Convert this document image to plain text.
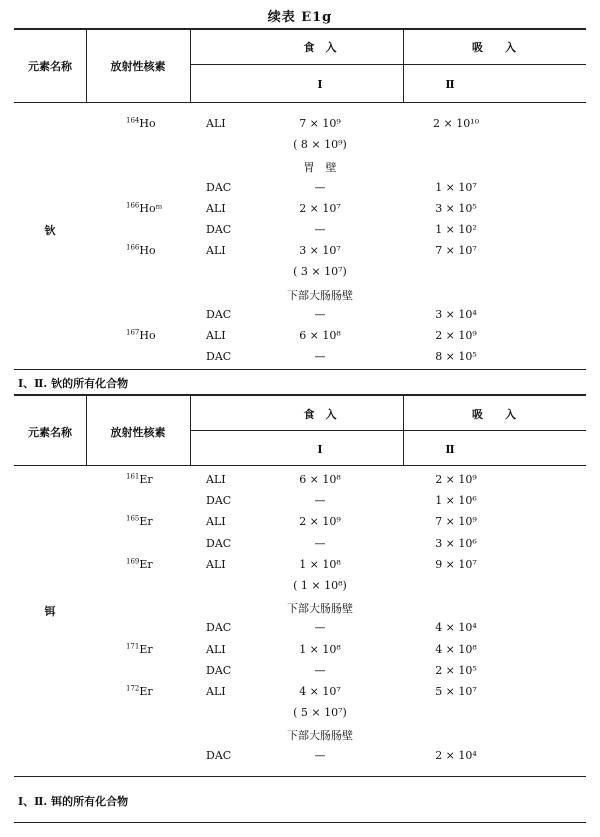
续表 E1g
元素名称	放射性核素
食　入	吸　　入
I	Ⅱ
钬
$^{164}$Ho	ALI	7 × 10⁹	2 × 10¹⁰
( 8 × 10⁹)
胃　壁
DAC	—	1 × 10⁷
$^{166}$Hoᵐ	ALI	2 × 10⁷	3 × 10⁵
DAC	—	1 × 10²
$^{166}$Ho	ALI	3 × 10⁷	7 × 10⁷
( 3 × 10⁷)
下部大肠肠壁
DAC	—	3 × 10⁴
$^{167}$Ho	ALI	6 × 10⁸	2 × 10⁹
DAC	—	8 × 10⁵
I、Ⅱ. 钬的所有化合物
元素名称	放射性核素
食　入	吸　　入
I	Ⅱ
铒
$^{161}$Er	ALI	6 × 10⁸	2 × 10⁹
DAC	—	1 × 10⁶
$^{165}$Er	ALI	2 × 10⁹	7 × 10⁹
DAC	—	3 × 10⁶
$^{169}$Er	ALI	1 × 10⁸	9 × 10⁷
( 1 × 10⁸)
下部大肠肠壁
DAC	—	4 × 10⁴
$^{171}$Er	ALI	1 × 10⁸	4 × 10⁸
DAC	—	2 × 10⁵
$^{172}$Er	ALI	4 × 10⁷	5 × 10⁷
( 5 × 10⁷)
下部大肠肠壁
DAC	—	2 × 10⁴
I、Ⅱ. 铒的所有化合物
